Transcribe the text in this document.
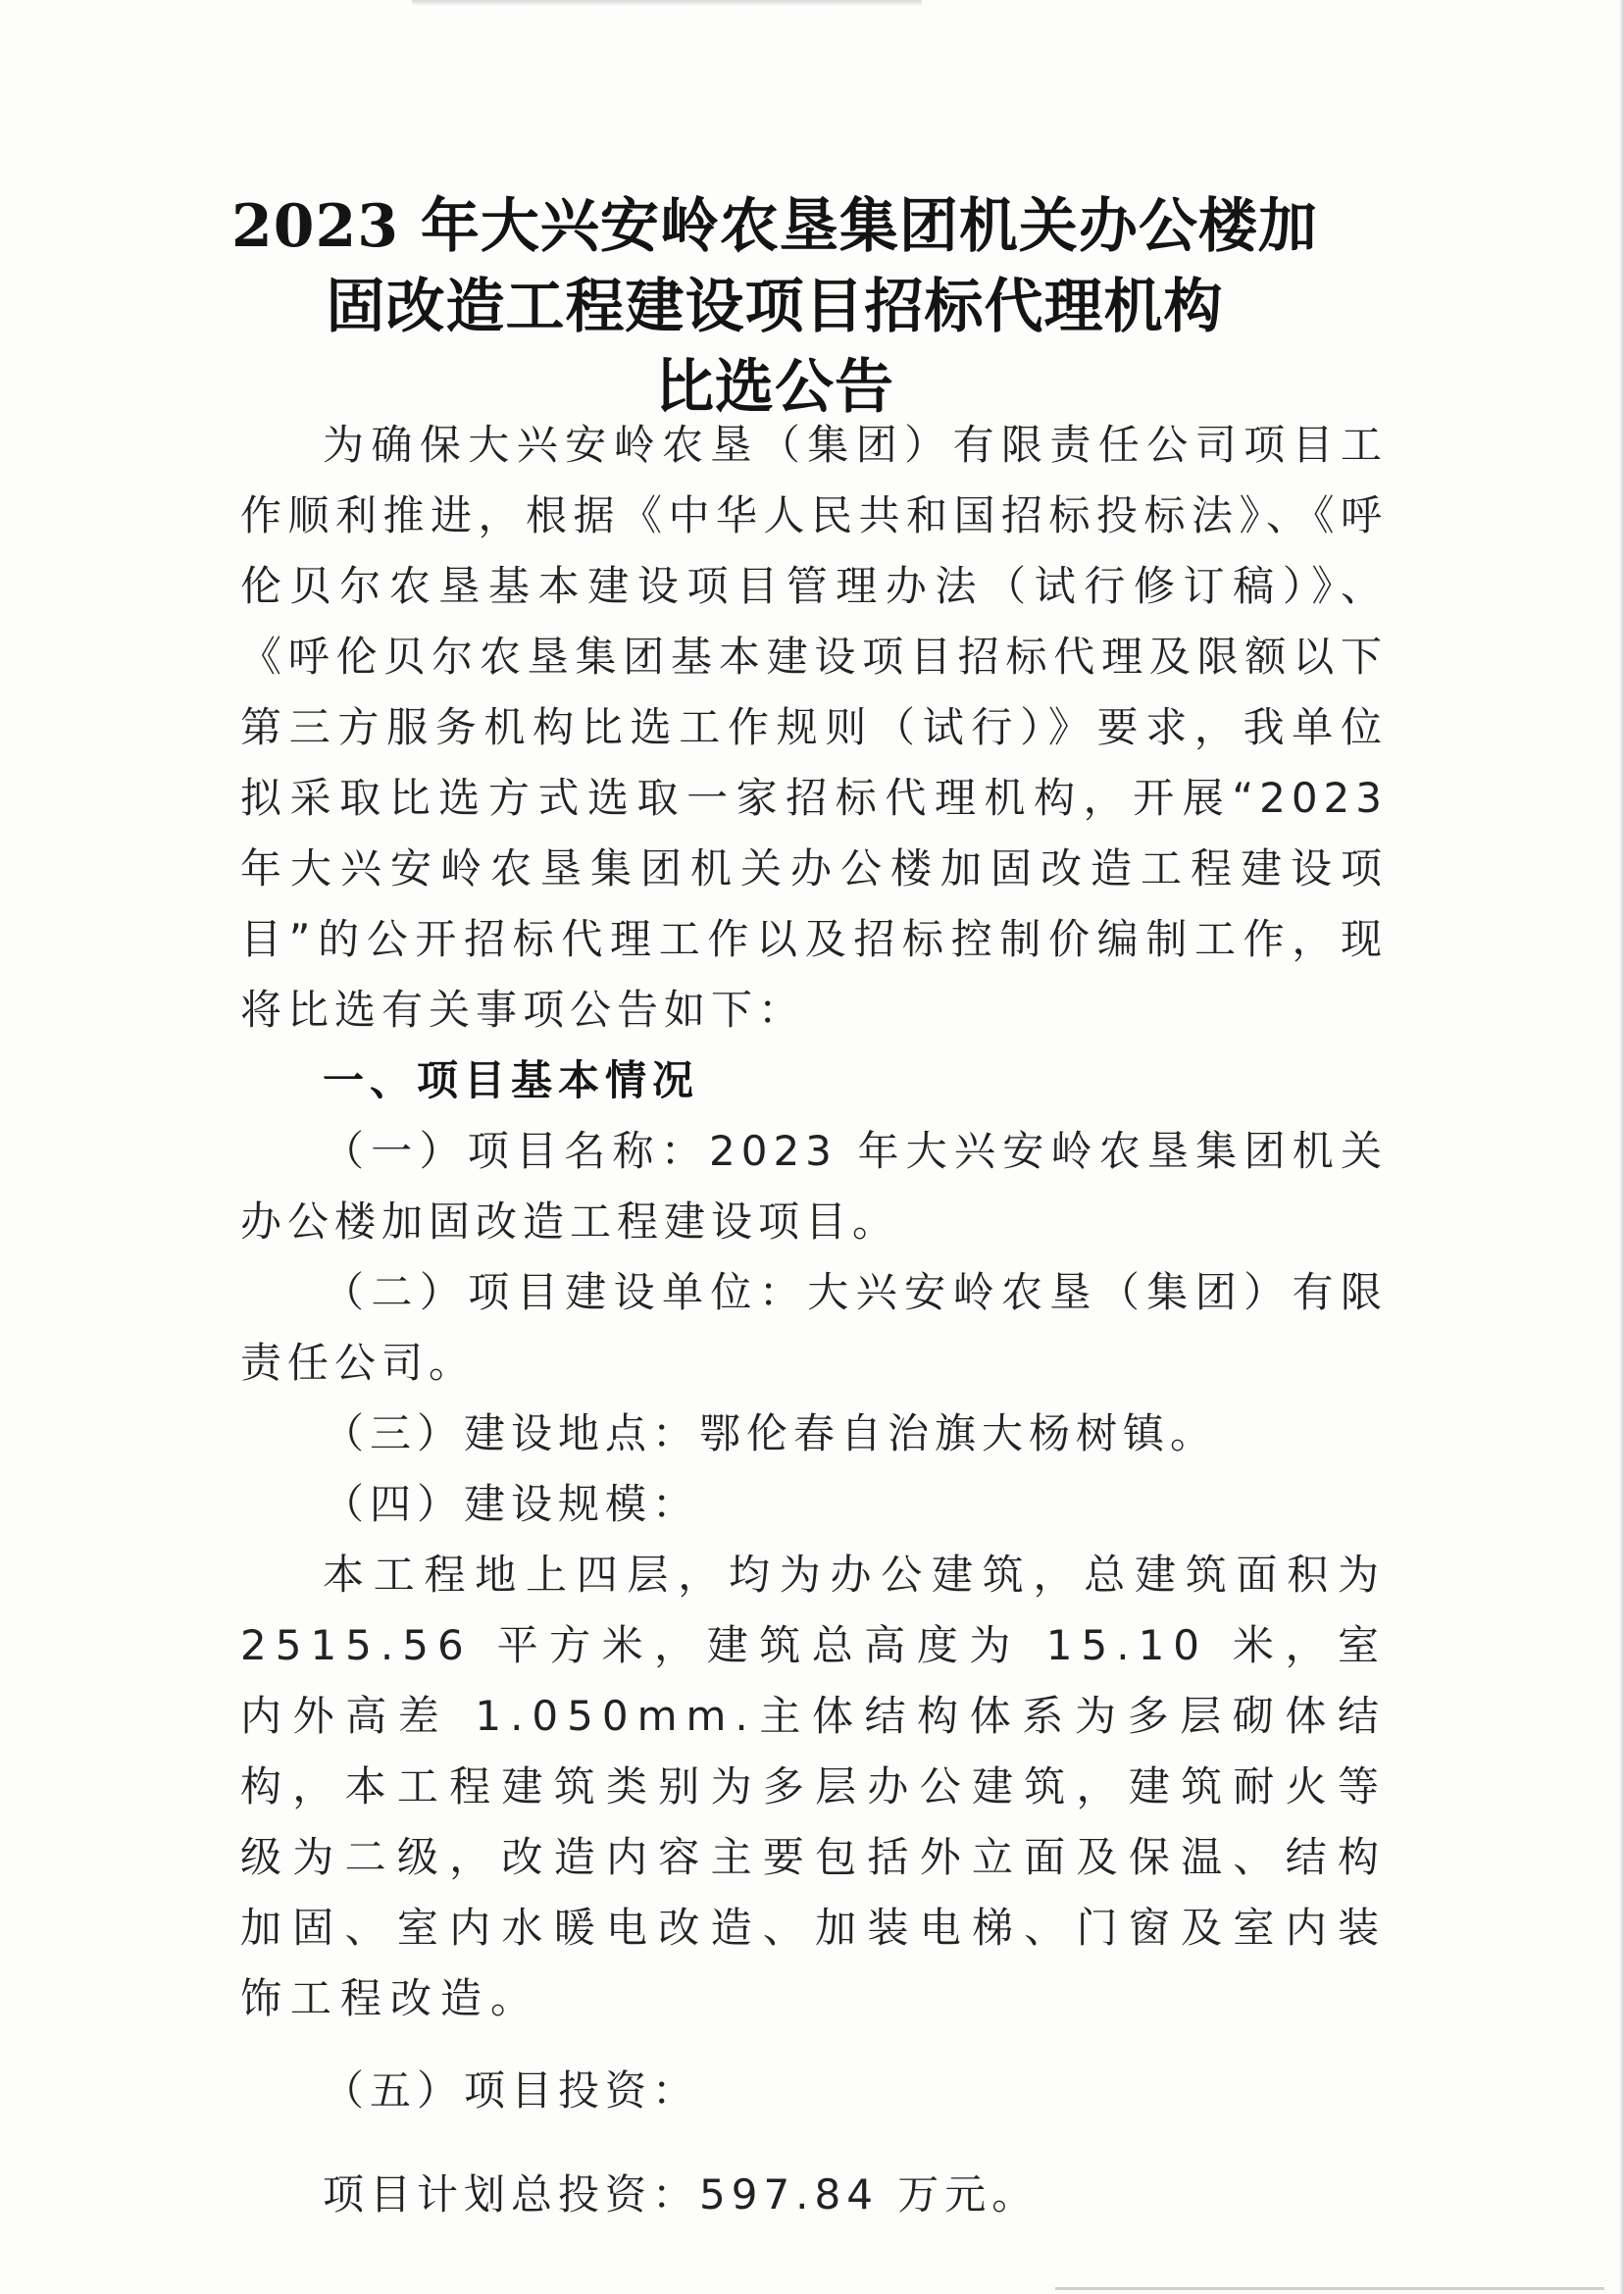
2023 年大兴安岭农垦集团机关办公楼加
固改造工程建设项目招标代理机构
比选公告

为确保大兴安岭农垦（集团）有限责任公司项目工作顺利推进，根据《中华人民共和国招标投标法》、《呼伦贝尔农垦基本建设项目管理办法（试行修订稿）》、《呼伦贝尔农垦集团基本建设项目招标代理及限额以下第三方服务机构比选工作规则（试行）》要求，我单位拟采取比选方式选取一家招标代理机构，开展“2023 年大兴安岭农垦集团机关办公楼加固改造工程建设项目”的公开招标代理工作以及招标控制价编制工作，现将比选有关事项公告如下：

一、项目基本情况

（一）项目名称：2023 年大兴安岭农垦集团机关办公楼加固改造工程建设项目。

（二）项目建设单位：大兴安岭农垦（集团）有限责任公司。

（三）建设地点：鄂伦春自治旗大杨树镇。

（四）建设规模：

本工程地上四层，均为办公建筑，总建筑面积为 2515.56 平方米，建筑总高度为 15.10 米，室内外高差 1.050mm.主体结构体系为多层砌体结构，本工程建筑类别为多层办公建筑，建筑耐火等级为二级，改造内容主要包括外立面及保温、结构加固、室内水暖电改造、加装电梯、门窗及室内装饰工程改造。

（五）项目投资：

项目计划总投资：597.84 万元。
